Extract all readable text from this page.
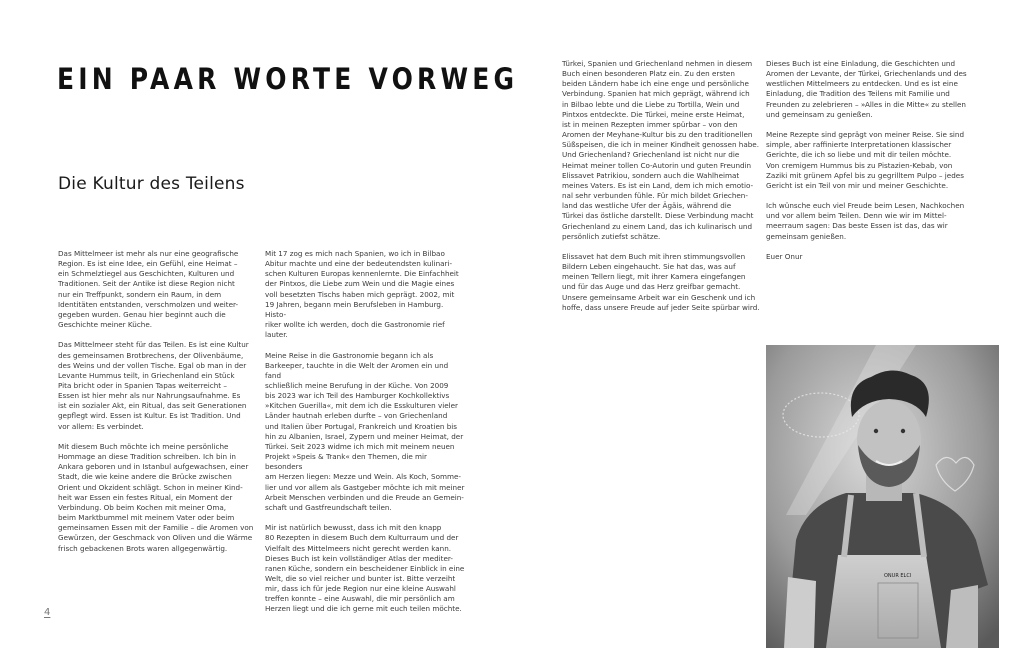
EIN PAAR WORTE VORWEG
Die Kultur des Teilens

Das Mittelmeer ist mehr als nur eine geografische
Region. Es ist eine Idee, ein Gefühl, eine Heimat –
ein Schmelztiegel aus Geschichten, Kulturen und
Traditionen. Seit der Antike ist diese Region nicht
nur ein Treffpunkt, sondern ein Raum, in dem
Identitäten entstanden, verschmolzen und weiter-
gegeben wurden. Genau hier beginnt auch die
Geschichte meiner Küche.

Das Mittelmeer steht für das Teilen. Es ist eine Kultur
des gemeinsamen Brotbrechens, der Olivenbäume,
des Weins und der vollen Tische. Egal ob man in der
Levante Hummus teilt, in Griechenland ein Stück
Pita bricht oder in Spanien Tapas weiterreicht –
Essen ist hier mehr als nur Nahrungsaufnahme. Es
ist ein sozialer Akt, ein Ritual, das seit Generationen
gepflegt wird. Essen ist Kultur. Es ist Tradition. Und
vor allem: Es verbindet.

Mit diesem Buch möchte ich meine persönliche
Hommage an diese Tradition schreiben. Ich bin in
Ankara geboren und in Istanbul aufgewachsen, einer
Stadt, die wie keine andere die Brücke zwischen
Orient und Okzident schlägt. Schon in meiner Kind-
heit war Essen ein festes Ritual, ein Moment der
Verbindung. Ob beim Kochen mit meiner Oma,
beim Marktbummel mit meinem Vater oder beim
gemeinsamen Essen mit der Familie – die Aromen von
Gewürzen, der Geschmack von Oliven und die Wärme
frisch gebackenen Brots waren allgegenwärtig.

Mit 17 zog es mich nach Spanien, wo ich in Bilbao
Abitur machte und eine der bedeutendsten kulinari-
schen Kulturen Europas kennenlernte. Die Einfachheit
der Pintxos, die Liebe zum Wein und die Magie eines
voll besetzten Tischs haben mich geprägt. 2002, mit
19 Jahren, begann mein Berufsleben in Hamburg. Histo-
riker wollte ich werden, doch die Gastronomie rief lauter.

Meine Reise in die Gastronomie begann ich als
Barkeeper, tauchte in die Welt der Aromen ein und fand
schließlich meine Berufung in der Küche. Von 2009
bis 2023 war ich Teil des Hamburger Kochkollektivs
»Kitchen Guerilla«, mit dem ich die Esskulturen vieler
Länder hautnah erleben durfte – von Griechenland
und Italien über Portugal, Frankreich und Kroatien bis
hin zu Albanien, Israel, Zypern und meiner Heimat, der
Türkei. Seit 2023 widme ich mich mit meinem neuen
Projekt »Speis & Trank« den Themen, die mir besonders
am Herzen liegen: Mezze und Wein. Als Koch, Somme-
lier und vor allem als Gastgeber möchte ich mit meiner
Arbeit Menschen verbinden und die Freude an Gemein-
schaft und Gastfreundschaft teilen.

Mir ist natürlich bewusst, dass ich mit den knapp
80 Rezepten in diesem Buch dem Kulturraum und der
Vielfalt des Mittelmeers nicht gerecht werden kann.
Dieses Buch ist kein vollständiger Atlas der mediter-
ranen Küche, sondern ein bescheidener Einblick in eine
Welt, die so viel reicher und bunter ist. Bitte verzeiht
mir, dass ich für jede Region nur eine kleine Auswahl
treffen konnte – eine Auswahl, die mir persönlich am
Herzen liegt und die ich gerne mit euch teilen möchte.

Türkei, Spanien und Griechenland nehmen in diesem
Buch einen besonderen Platz ein. Zu den ersten
beiden Ländern habe ich eine enge und persönliche
Verbindung. Spanien hat mich geprägt, während ich
in Bilbao lebte und die Liebe zu Tortilla, Wein und
Pintxos entdeckte. Die Türkei, meine erste Heimat,
ist in meinen Rezepten immer spürbar – von den
Aromen der Meyhane-Kultur bis zu den traditionellen
Süßspeisen, die ich in meiner Kindheit genossen habe.
Und Griechenland? Griechenland ist nicht nur die
Heimat meiner tollen Co-Autorin und guten Freundin
Elissavet Patrikiou, sondern auch die Wahlheimat
meines Vaters. Es ist ein Land, dem ich mich emotio-
nal sehr verbunden fühle. Für mich bildet Griechen-
land das westliche Ufer der Ägäis, während die
Türkei das östliche darstellt. Diese Verbindung macht
Griechenland zu einem Land, das ich kulinarisch und
persönlich zutiefst schätze.

Elissavet hat dem Buch mit ihren stimmungsvollen
Bildern Leben eingehaucht. Sie hat das, was auf
meinen Tellern liegt, mit ihrer Kamera eingefangen
und für das Auge und das Herz greifbar gemacht.
Unsere gemeinsame Arbeit war ein Geschenk und ich
hoffe, dass unsere Freude auf jeder Seite spürbar wird.

Dieses Buch ist eine Einladung, die Geschichten und
Aromen der Levante, der Türkei, Griechenlands und des
westlichen Mittelmeers zu entdecken. Und es ist eine
Einladung, die Tradition des Teilens mit Familie und
Freunden zu zelebrieren – »Alles in die Mitte« zu stellen
und gemeinsam zu genießen.

Meine Rezepte sind geprägt von meiner Reise. Sie sind
simple, aber raffinierte Interpretationen klassischer
Gerichte, die ich so liebe und mit dir teilen möchte.
Von cremigem Hummus bis zu Pistazien-Kebab, von
Zaziki mit grünem Apfel bis zu gegrilltem Pulpo – jedes
Gericht ist ein Teil von mir und meiner Geschichte.

Ich wünsche euch viel Freude beim Lesen, Nachkochen
und vor allem beim Teilen. Denn wie wir im Mittel-
meerraum sagen: Das beste Essen ist das, das wir
gemeinsam genießen.

Euer Onur

4
ONUR ELCI
